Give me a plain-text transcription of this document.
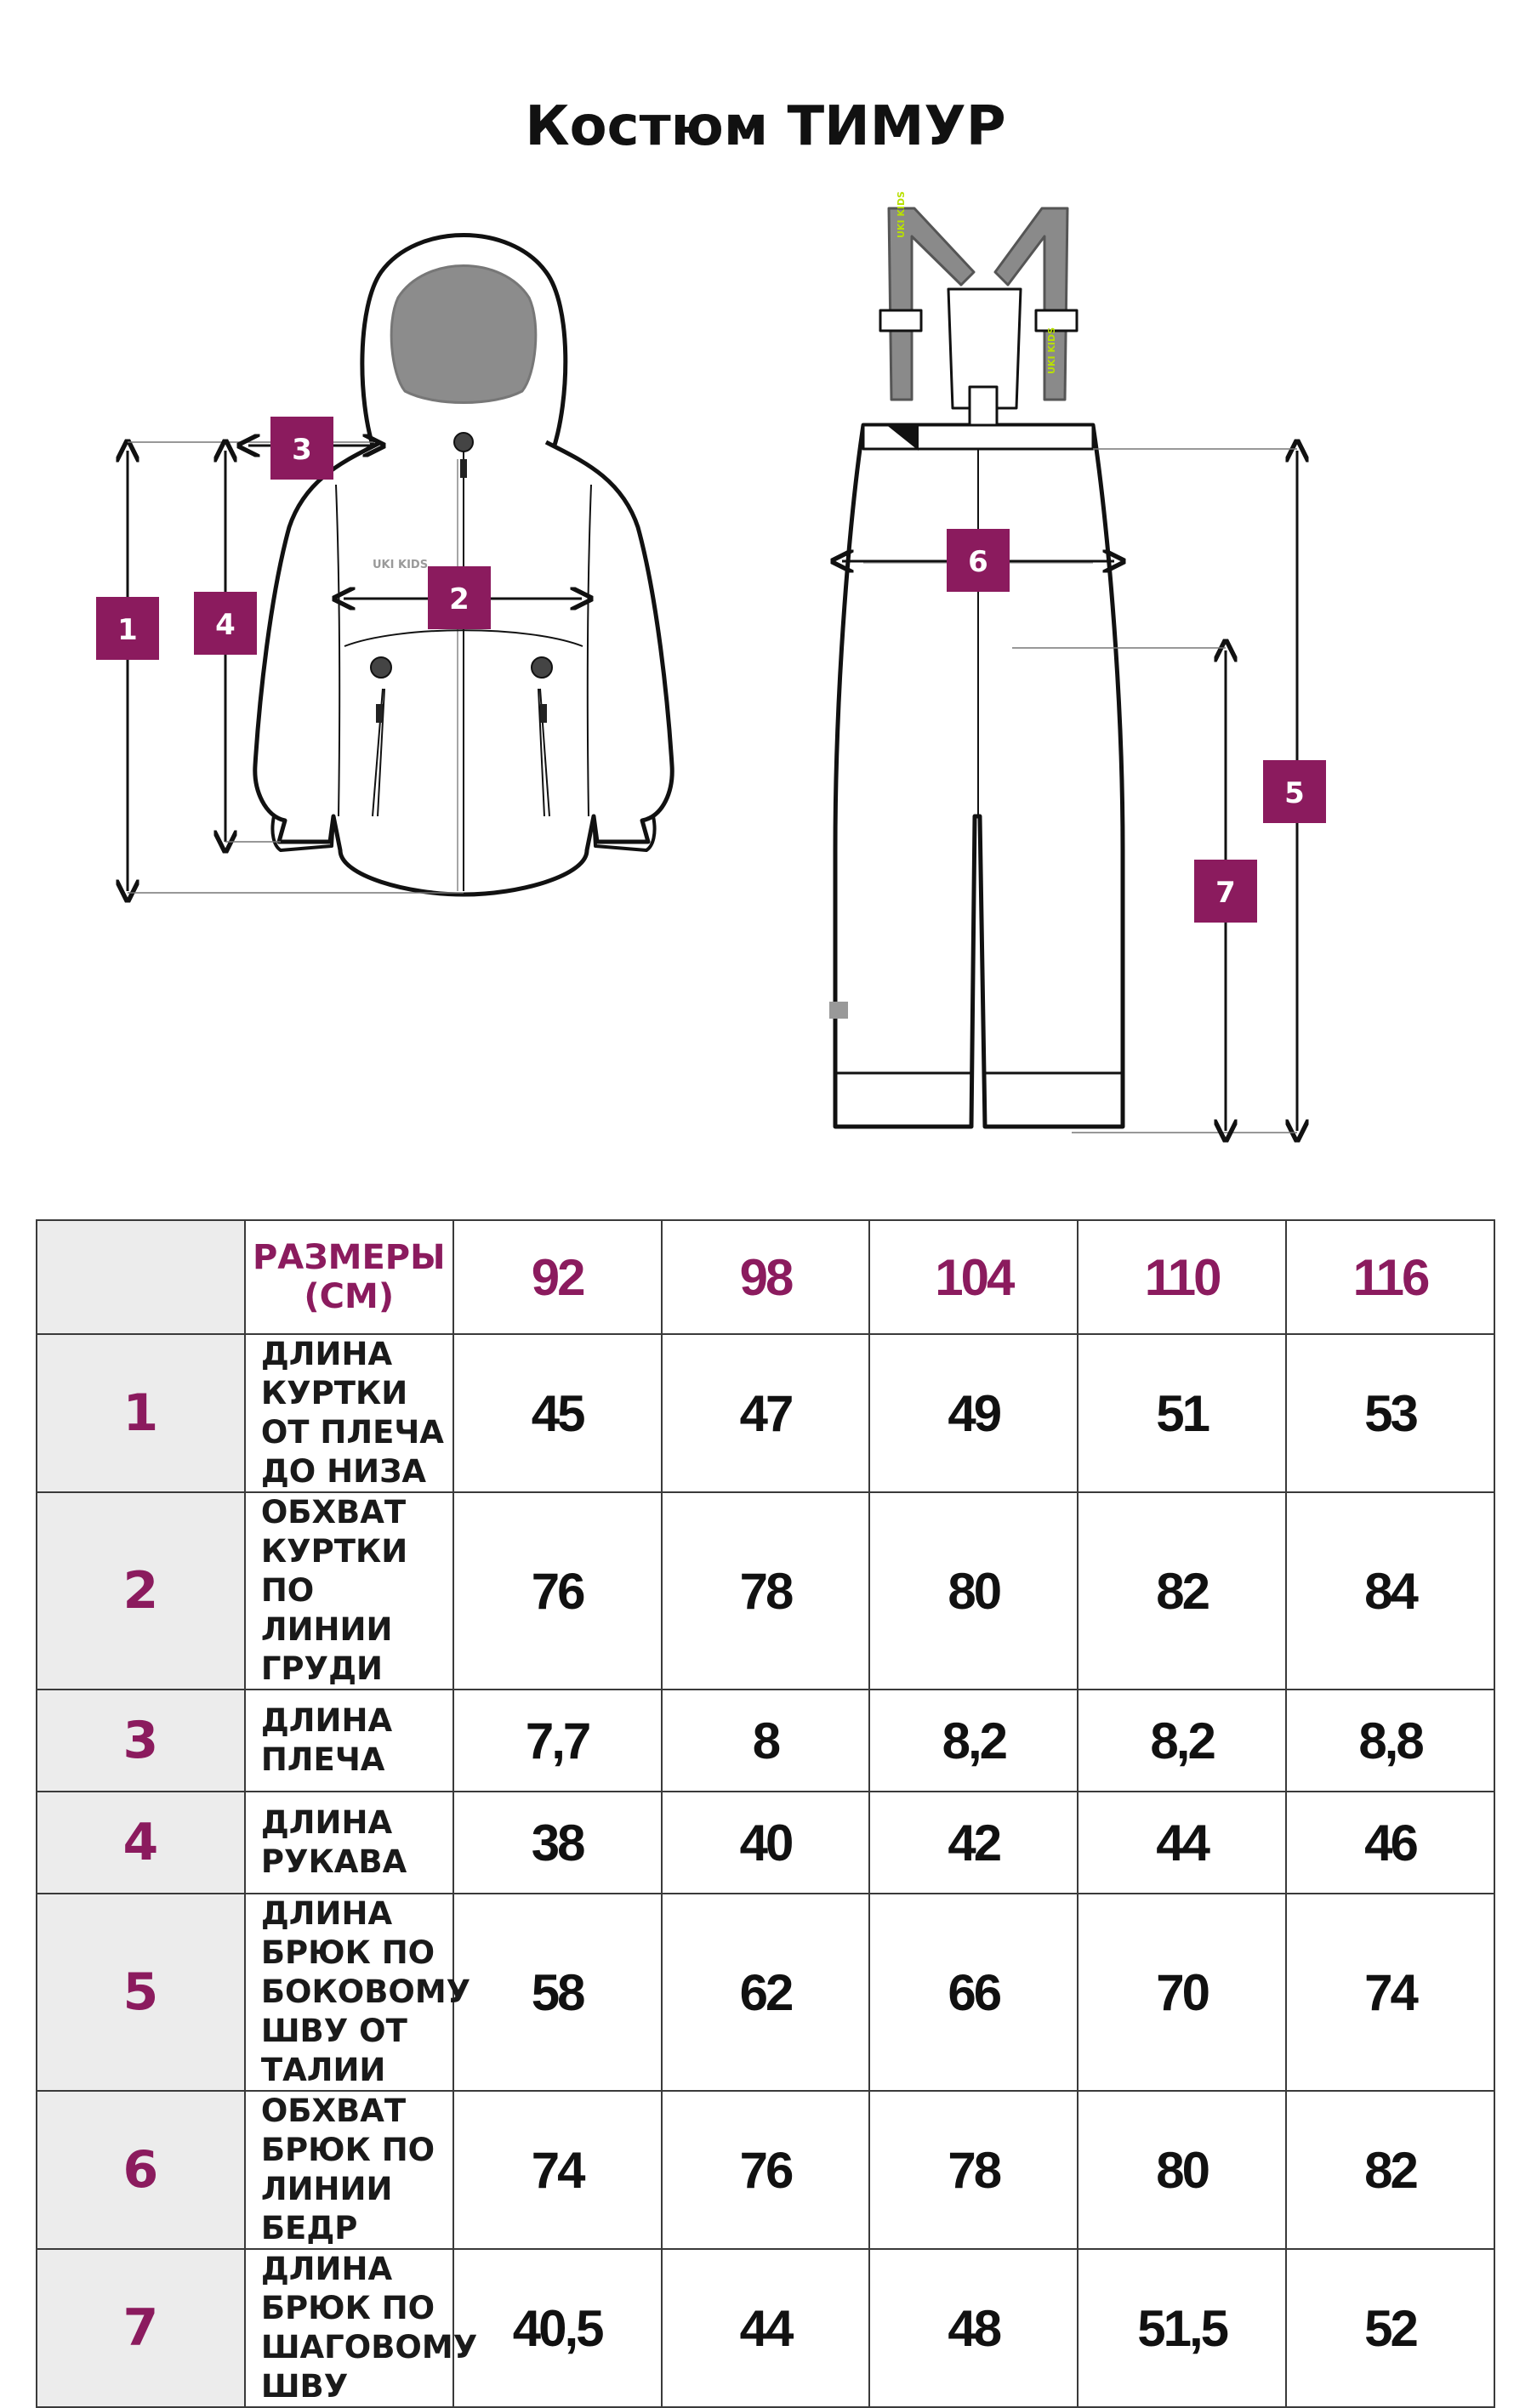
Костюм ТИМУР
UKI KIDS
UKI KIDS
UKI KIDS
1
2
3
4
5
6
7
	РАЗМЕРЫ (СМ)	92	98	104	110	116
1	ДЛИНА КУРТКИ ОТ ПЛЕЧА ДО НИЗА	45	47	49	51	53
2	ОБХВАТ КУРТКИ ПО ЛИНИИ ГРУДИ	76	78	80	82	84
3	ДЛИНА ПЛЕЧА	7,7	8	8,2	8,2	8,8
4	ДЛИНА РУКАВА	38	40	42	44	46
5	ДЛИНА БРЮК ПО БОКОВОМУ ШВУ ОТ ТАЛИИ	58	62	66	70	74
6	ОБХВАТ БРЮК ПО ЛИНИИ БЕДР	74	76	78	80	82
7	ДЛИНА БРЮК ПО ШАГОВОМУ ШВУ	40,5	44	48	51,5	52
